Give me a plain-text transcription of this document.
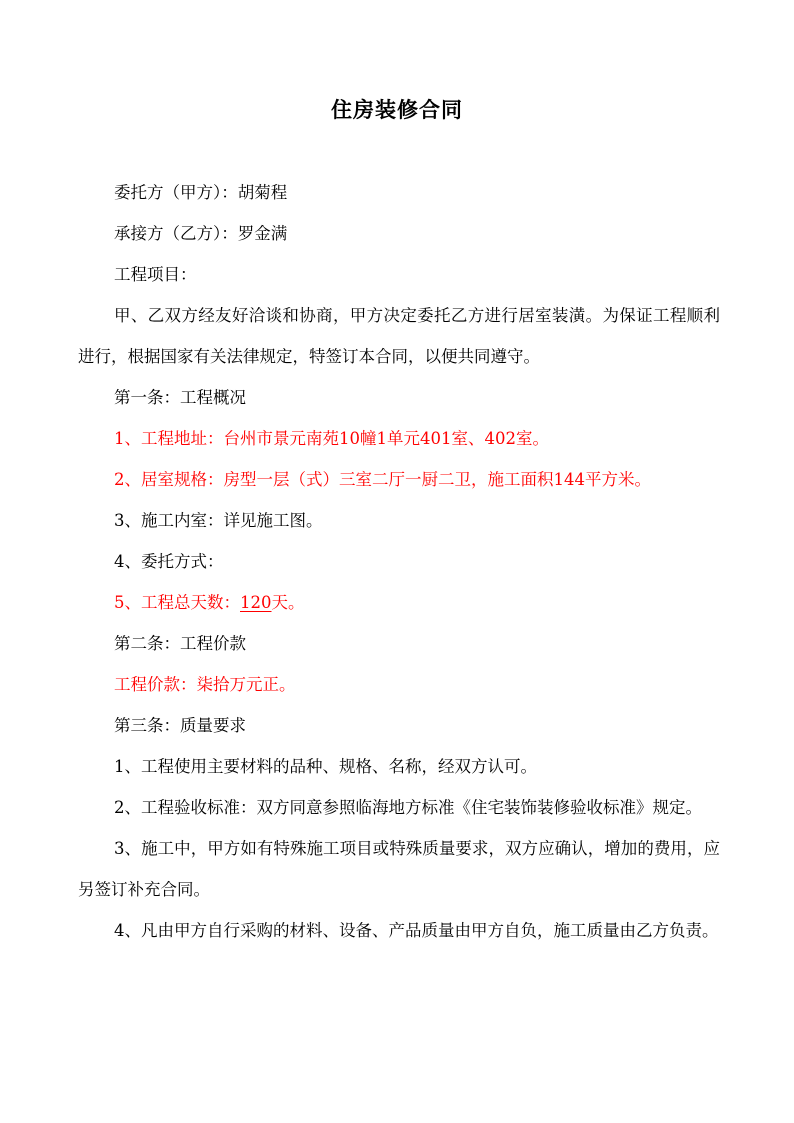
住房装修合同

委托方（甲方）：胡菊程

承接方（乙方）：罗金满

工程项目：

甲、乙双方经友好洽谈和协商，甲方决定委托乙方进行居室装潢。为保证工程顺利进行，根据国家有关法律规定，特签订本合同，以便共同遵守。

第一条：工程概况

1、工程地址：台州市景元南苑10幢1单元401室、402室。

2、居室规格：房型一层（式）三室二厅一厨二卫，施工面积144平方米。

3、施工内室：详见施工图。

4、委托方式：

5、工程总天数：120天。

第二条：工程价款

工程价款：柒拾万元正。

第三条：质量要求

1、工程使用主要材料的品种、规格、名称，经双方认可。

2、工程验收标准：双方同意参照临海地方标准《住宅装饰装修验收标准》规定。

3、施工中，甲方如有特殊施工项目或特殊质量要求，双方应确认，增加的费用，应另签订补充合同。

4、凡由甲方自行采购的材料、设备、产品质量由甲方自负，施工质量由乙方负责。
